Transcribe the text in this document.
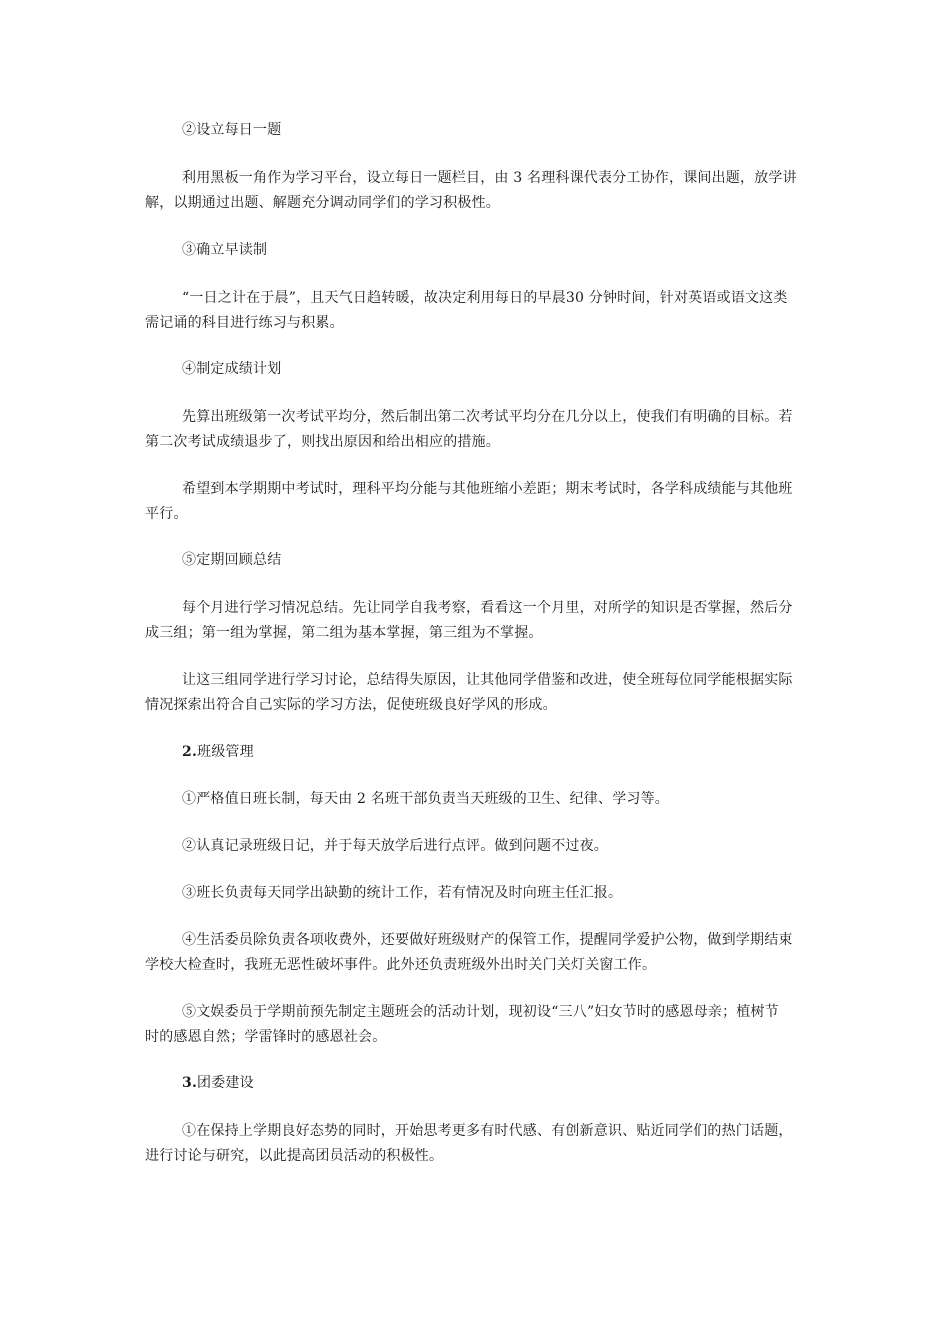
②设立每日一题
利用黑板一角作为学习平台，设立每日一题栏目，由 3 名理科课代表分工协作，课间出题，放学讲
解，以期通过出题、解题充分调动同学们的学习积极性。
③确立早读制
“一日之计在于晨”，且天气日趋转暖，故决定利用每日的早晨30 分钟时间，针对英语或语文这类
需记诵的科目进行练习与积累。
④制定成绩计划
先算出班级第一次考试平均分，然后制出第二次考试平均分在几分以上，使我们有明确的目标。若
第二次考试成绩退步了，则找出原因和给出相应的措施。
希望到本学期期中考试时，理科平均分能与其他班缩小差距；期末考试时，各学科成绩能与其他班
平行。
⑤定期回顾总结
每个月进行学习情况总结。先让同学自我考察，看看这一个月里，对所学的知识是否掌握，然后分
成三组；第一组为掌握，第二组为基本掌握，第三组为不掌握。
让这三组同学进行学习讨论，总结得失原因，让其他同学借鉴和改进，使全班每位同学能根据实际
情况探索出符合自己实际的学习方法，促使班级良好学风的形成。
2.班级管理
①严格值日班长制，每天由 2 名班干部负责当天班级的卫生、纪律、学习等。
②认真记录班级日记，并于每天放学后进行点评。做到问题不过夜。
③班长负责每天同学出缺勤的统计工作，若有情况及时向班主任汇报。
④生活委员除负责各项收费外，还要做好班级财产的保管工作，提醒同学爱护公物，做到学期结束
学校大检查时，我班无恶性破坏事件。此外还负责班级外出时关门关灯关窗工作。
⑤文娱委员于学期前预先制定主题班会的活动计划，现初设“三八”妇女节时的感恩母亲；植树节
时的感恩自然；学雷锋时的感恩社会。
3.团委建设
①在保持上学期良好态势的同时，开始思考更多有时代感、有创新意识、贴近同学们的热门话题，
进行讨论与研究，以此提高团员活动的积极性。
